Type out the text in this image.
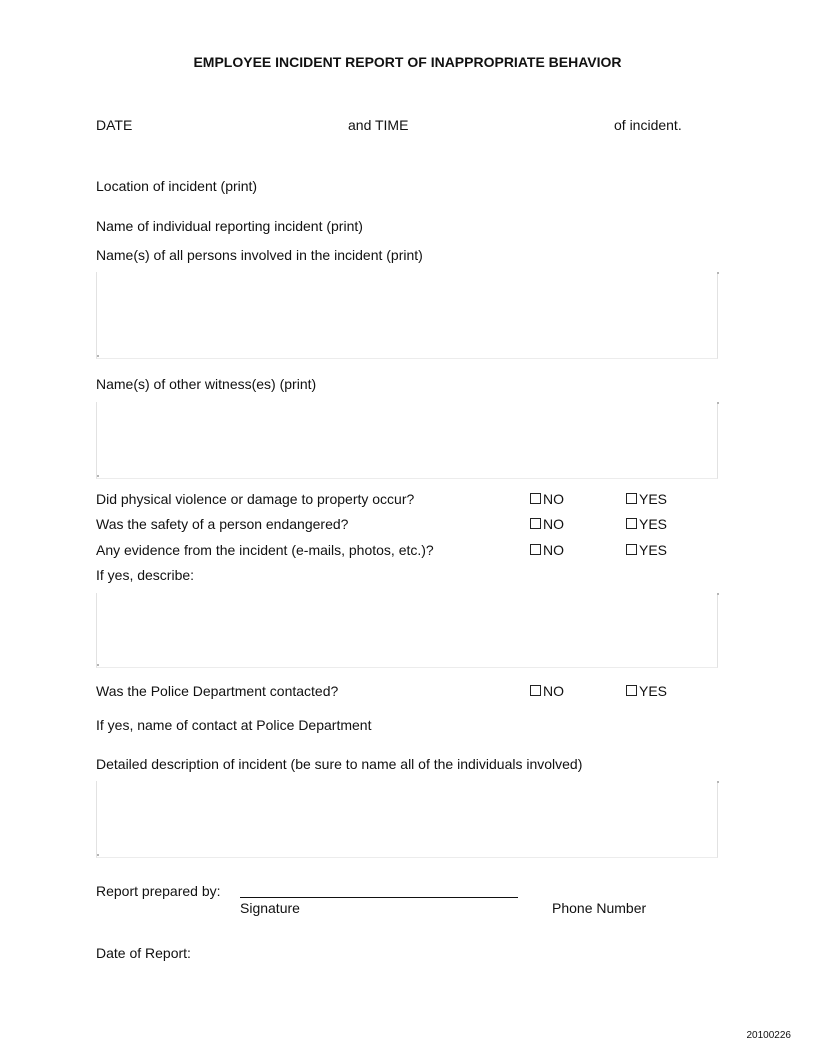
EMPLOYEE INCIDENT REPORT OF INAPPROPRIATE BEHAVIOR
DATE	and TIME	of incident.
Location of incident (print)
Name of individual reporting incident (print)
Name(s) of all persons involved in the incident (print)
Name(s) of other witness(es) (print)
Did physical violence or damage to property occur?	NO	YES
Was the safety of a person endangered?	NO	YES
Any evidence from the incident (e-mails, photos, etc.)?	NO	YES
If yes, describe:
Was the Police Department contacted?	NO	YES
If yes, name of contact at Police Department
Detailed description of incident (be sure to name all of the individuals involved)
Report prepared by:
Signature	Phone Number
Date of Report:
20100226
